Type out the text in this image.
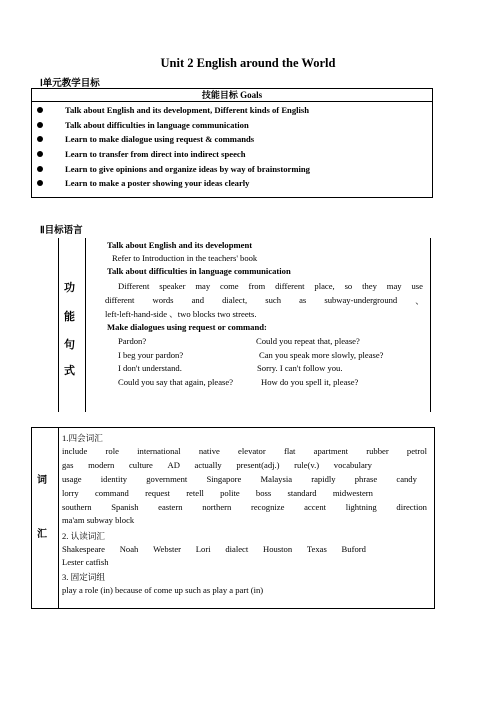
Unit 2 English around the World
Ⅰ单元教学目标
技能目标 Goals

Talk about English and its development, Different kinds of English
Talk about difficulties in language communication
Learn to make dialogue using request & commands
Learn to transfer from direct into indirect speech
Learn to give opinions and organize ideas by way of brainstorming
Learn to make a poster showing your ideas clearly
Ⅱ目标语言
功
能
句
式
Talk about English and its development
Refer to Introduction in the teachers' book
Talk about difficulties in language communication
Different speaker may come from different place, so they may use
different words and dialect, such as subway-underground 、
left-left-hand-side 、two blocks two streets.
Make dialogues using request or command:
Pardon?	Could you repeat that, please?
I beg your pardon?	Can you speak more slowly, please?
I don't understand.	Sorry. I can't follow you.
Could you say that again, please?	How do you spell it, please?
词
汇
1.四会词汇
include role international native elevator flat apartment rubber petrol
gas modern culture AD actually present(adj.) rule(v.) vocabulary
usage identity government Singapore Malaysia rapidly phrase candy
lorry command request retell polite boss standard midwestern
southern Spanish eastern northern recognize accent lightning direction
ma'am subway block
2. 认读词汇
Shakespeare Noah Webster Lori dialect Houston Texas Buford
Lester catfish
3. 固定词组
play a role (in) because of come up such as play a part (in)
